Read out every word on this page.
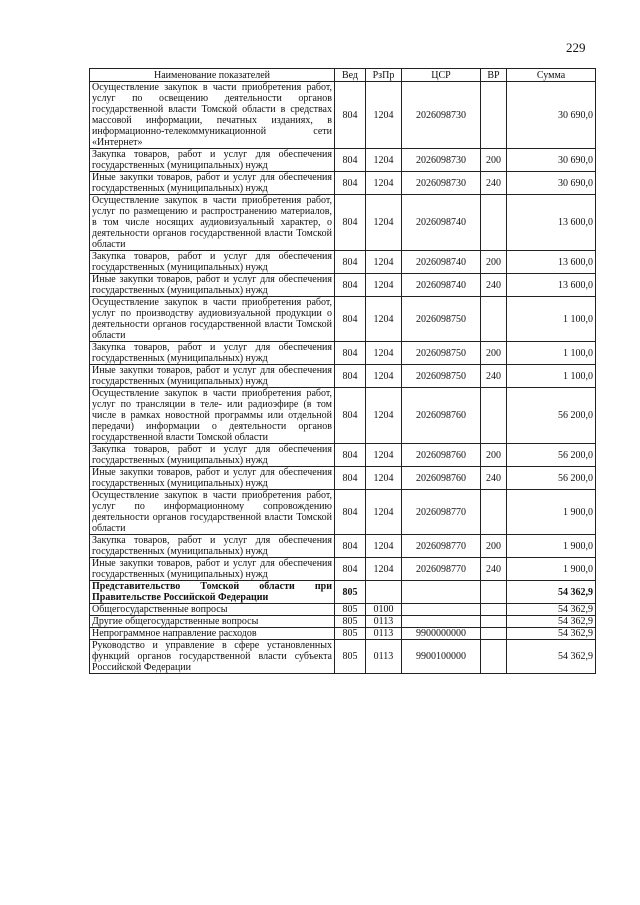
229
Наименование показателей	Вед	РзПр	ЦСР	ВР	Сумма
Осуществление закупок в части приобретения работ, услуг по освещению деятельности органов государственной власти Томской области в средствах массовой информации, печатных изданиях, в информационно-телекоммуникационной сети «Интернет»	804	1204	2026098730		30 690,0
Закупка товаров, работ и услуг для обеспечения государственных (муниципальных) нужд	804	1204	2026098730	200	30 690,0
Иные закупки товаров, работ и услуг для обеспечения государственных (муниципальных) нужд	804	1204	2026098730	240	30 690,0
Осуществление закупок в части приобретения работ, услуг по размещению и распространению материалов, в том числе носящих аудиовизуальный характер, о деятельности органов государственной власти Томской области	804	1204	2026098740		13 600,0
Закупка товаров, работ и услуг для обеспечения государственных (муниципальных) нужд	804	1204	2026098740	200	13 600,0
Иные закупки товаров, работ и услуг для обеспечения государственных (муниципальных) нужд	804	1204	2026098740	240	13 600,0
Осуществление закупок в части приобретения работ, услуг по производству аудиовизуальной продукции о деятельности органов государственной власти Томской области	804	1204	2026098750		1 100,0
Закупка товаров, работ и услуг для обеспечения государственных (муниципальных) нужд	804	1204	2026098750	200	1 100,0
Иные закупки товаров, работ и услуг для обеспечения государственных (муниципальных) нужд	804	1204	2026098750	240	1 100,0
Осуществление закупок в части приобретения работ, услуг по трансляции в теле- или радиоэфире (в том числе в рамках новостной программы или отдельной передачи) информации о деятельности органов государственной власти Томской области	804	1204	2026098760		56 200,0
Закупка товаров, работ и услуг для обеспечения государственных (муниципальных) нужд	804	1204	2026098760	200	56 200,0
Иные закупки товаров, работ и услуг для обеспечения государственных (муниципальных) нужд	804	1204	2026098760	240	56 200,0
Осуществление закупок в части приобретения работ, услуг по информационному сопровождению деятельности органов государственной власти Томской области	804	1204	2026098770		1 900,0
Закупка товаров, работ и услуг для обеспечения государственных (муниципальных) нужд	804	1204	2026098770	200	1 900,0
Иные закупки товаров, работ и услуг для обеспечения государственных (муниципальных) нужд	804	1204	2026098770	240	1 900,0
Представительство Томской области при Правительстве Российской Федерации	805				54 362,9
Общегосударственные вопросы	805	0100			54 362,9
Другие общегосударственные вопросы	805	0113			54 362,9
Непрограммное направление расходов	805	0113	9900000000		54 362,9
Руководство и управление в сфере установленных функций органов государственной власти субъекта Российской Федерации	805	0113	9900100000		54 362,9
